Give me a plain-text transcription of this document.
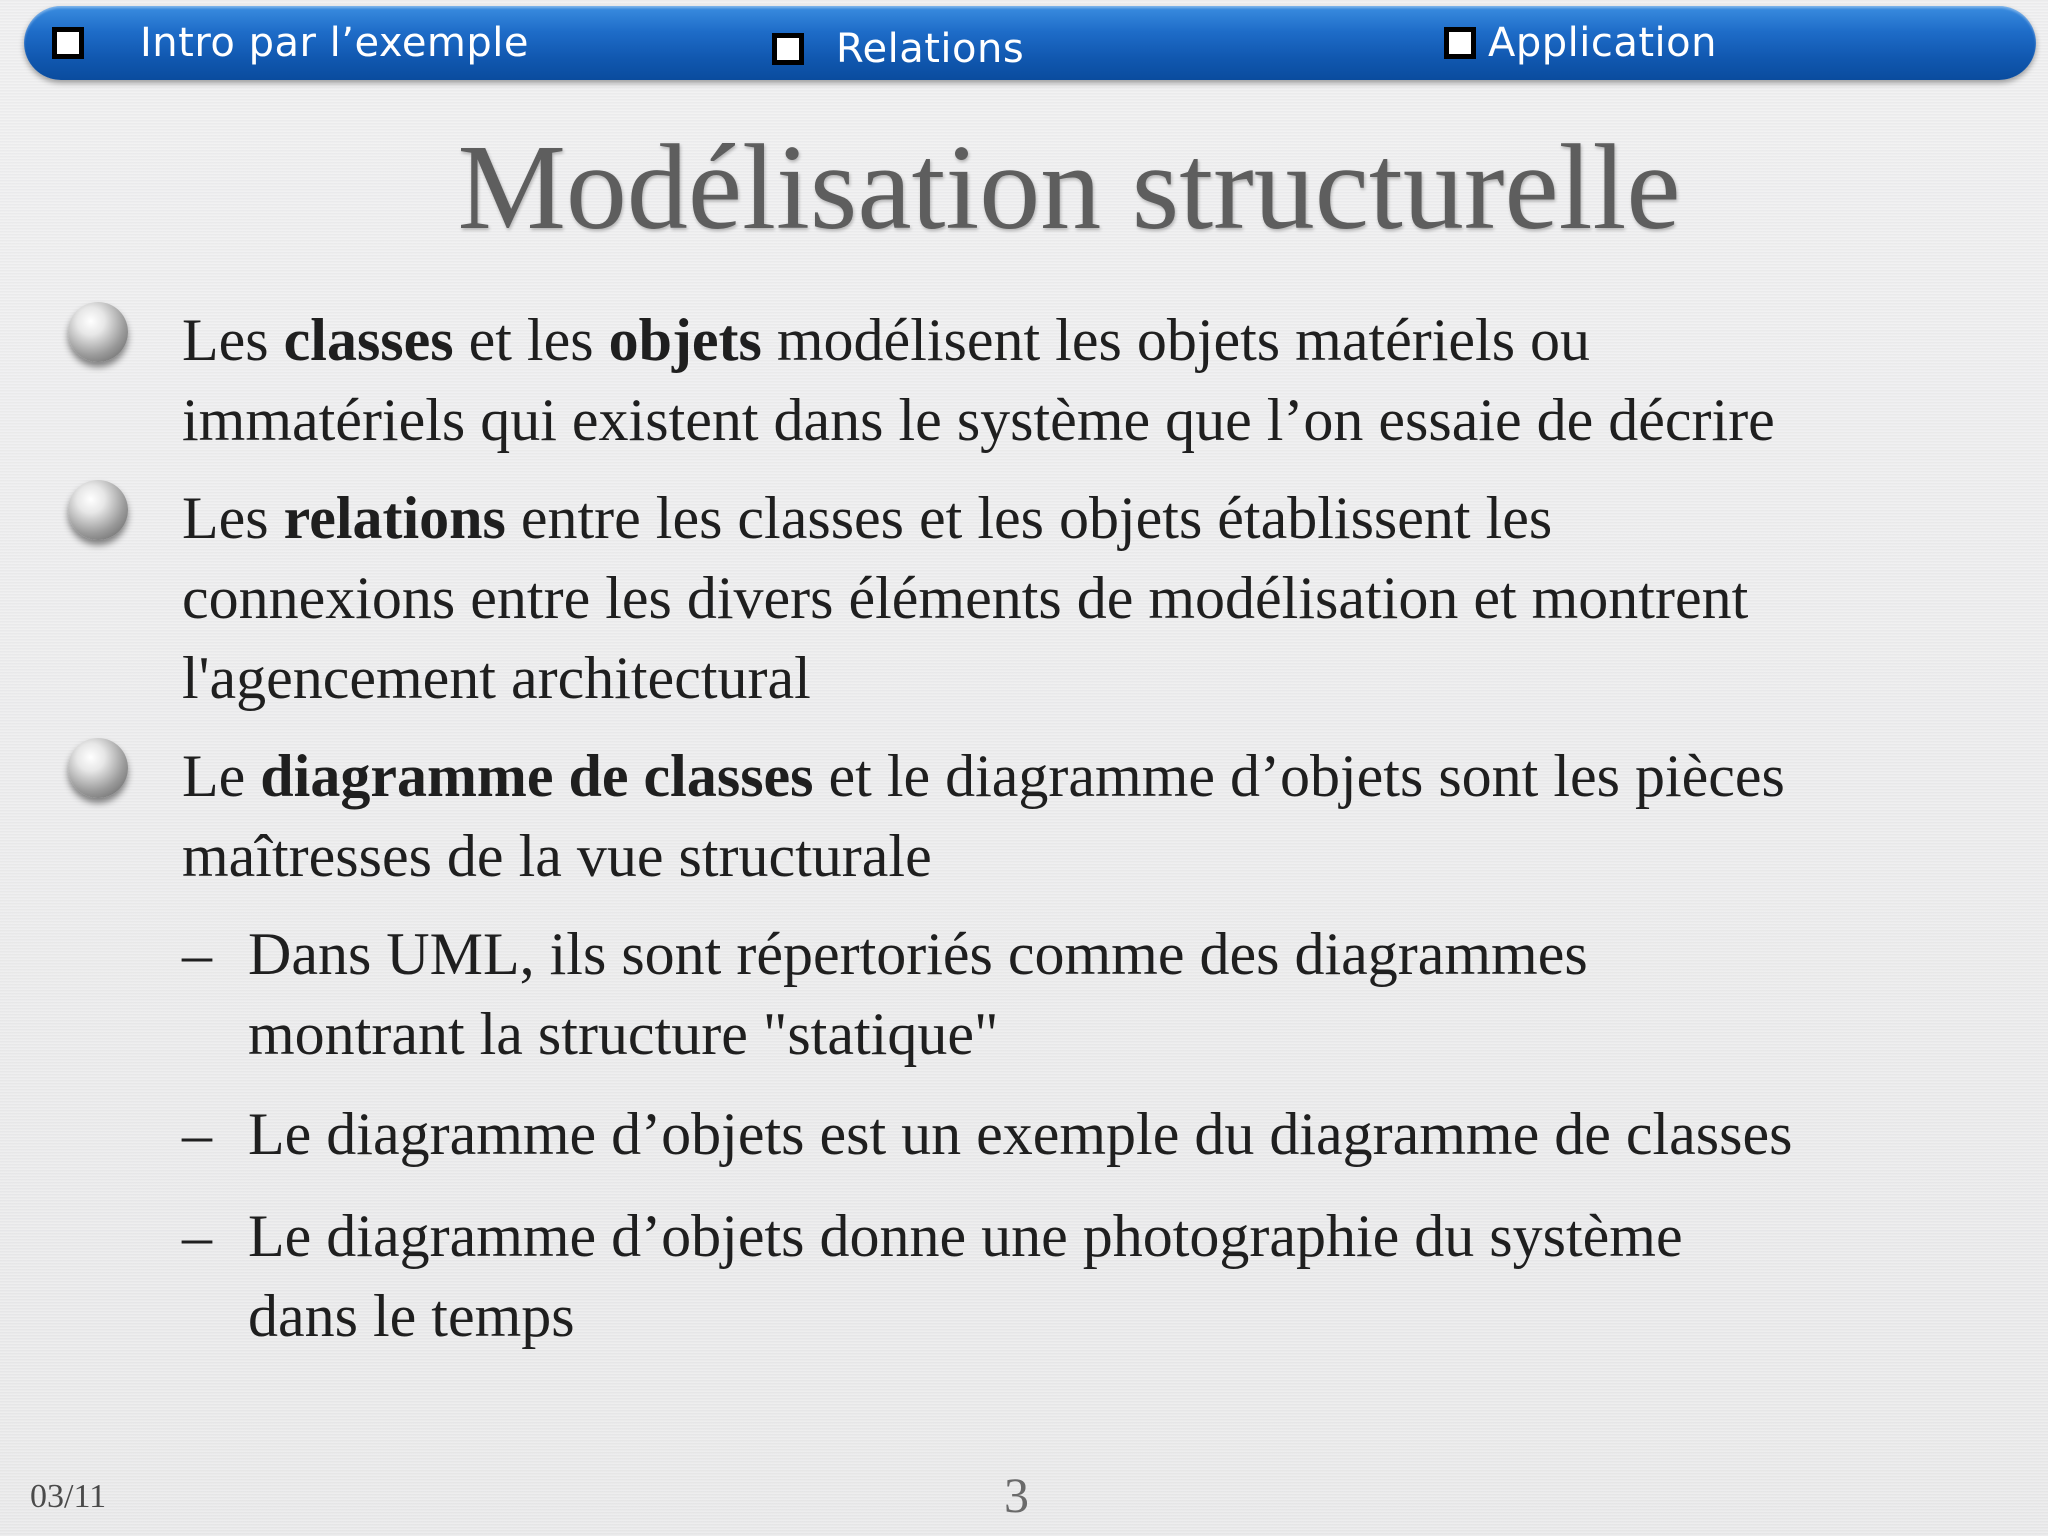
Intro par l’exemple	Relations	Application
Modélisation structurelle
Les classes et les objets modélisent les objets matériels ou
immatériels qui existent dans le système que l’on essaie de décrire
Les relations entre les classes et les objets établissent les
connexions entre les divers éléments de modélisation et montrent
l'agencement architectural
Le diagramme de classes et le diagramme d’objets sont les pièces
maîtresses de la vue structurale
– Dans UML, ils sont répertoriés comme des diagrammes
montrant la structure "statique"
– Le diagramme d’objets est un exemple du diagramme de classes
– Le diagramme d’objets donne une photographie du système
dans le temps
03/11	3
